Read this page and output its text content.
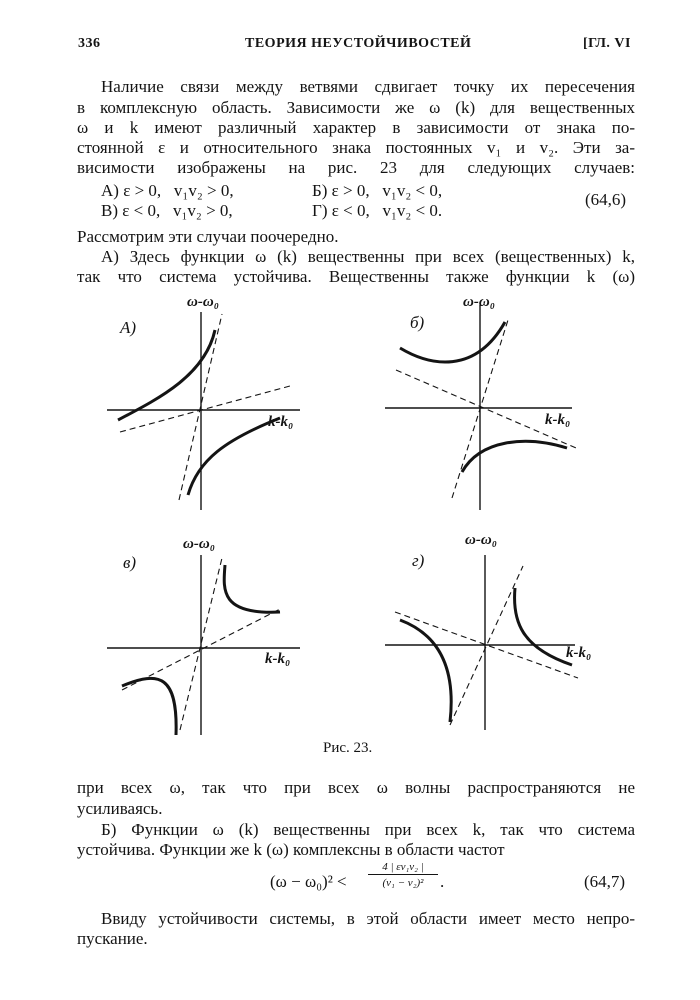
336	ТЕОРИЯ НЕУСТОЙЧИВОСТЕЙ	[ГЛ. VI
Наличие связи между ветвями сдвигает точку их пересечения
в комплексную область. Зависимости же ω (k) для вещественных
ω и k имеют различный характер в зависимости от знака по-
стоянной ε и относительного знака постоянных v₁ и v₂. Эти за-
висимости изображены на рис. 23 для следующих случаев:
А) ε > 0,   v₁v₂ > 0,	Б) ε > 0,   v₁v₂ < 0,
В) ε < 0,   v₁v₂ > 0,	Г) ε < 0,   v₁v₂ < 0.
(64,6)
Рассмотрим эти случаи поочередно.
А) Здесь функции ω (k) вещественны при всех (вещественных) k,
так что система устойчива. Вещественны также функции k (ω)
ω-ω₀
k-k₀
А)
ω-ω₀
k-k₀
б)
ω-ω₀
k-k₀
в)
ω-ω₀
k-k₀
г)
Рис. 23.
при всех ω, так что при всех ω волны распространяются не
усиливаясь.
Б) Функции ω (k) вещественны при всех k, так что система
устойчива. Функции же k (ω) комплексны в области частот
(ω − ω₀)² <
4 | εv₁v₂ |
(v₁ − v₂)² .	(64,7)
Ввиду устойчивости системы, в этой области имеет место непро-
пускание.
